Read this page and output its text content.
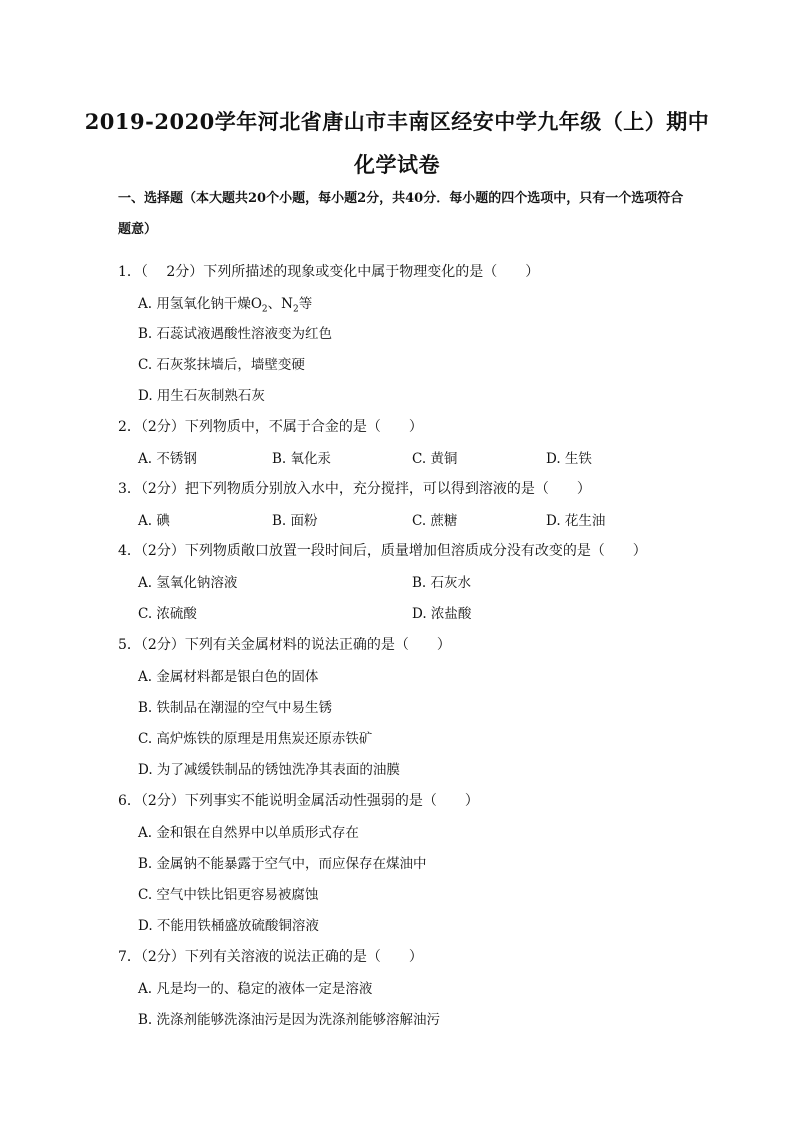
2019-2020学年河北省唐山市丰南区经安中学九年级（上）期中
化学试卷
一、选择题（本大题共20个小题，每小题2分，共40分．每小题的四个选项中，只有一个选项符合题意）
1．（　 2分）下列所描述的现象或变化中属于物理变化的是（　　）
A. 用氢氧化钠干燥$O_2$、$N_2$等
B. 石蕊试液遇酸性溶液变为红色
C. 石灰浆抹墙后，墙壁变硬
D. 用生石灰制熟石灰
2．（2分）下列物质中，不属于合金的是（　　）
A. 不锈钢	B. 氧化汞	C. 黄铜	D. 生铁
3．（2分）把下列物质分别放入水中，充分搅拌，可以得到溶液的是（　　）
A. 碘	B. 面粉	C. 蔗糖	D. 花生油
4．（2分）下列物质敞口放置一段时间后，质量增加但溶质成分没有改变的是（　　）
A. 氢氧化钠溶液	B. 石灰水
C. 浓硫酸	D. 浓盐酸
5．（2分）下列有关金属材料的说法正确的是（　　）
A. 金属材料都是银白色的固体
B. 铁制品在潮湿的空气中易生锈
C. 高炉炼铁的原理是用焦炭还原赤铁矿
D. 为了减缓铁制品的锈蚀洗净其表面的油膜
6．（2分）下列事实不能说明金属活动性强弱的是（　　）
A. 金和银在自然界中以单质形式存在
B. 金属钠不能暴露于空气中，而应保存在煤油中
C. 空气中铁比铝更容易被腐蚀
D. 不能用铁桶盛放硫酸铜溶液
7．（2分）下列有关溶液的说法正确的是（　　）
A. 凡是均一的、稳定的液体一定是溶液
B. 洗涤剂能够洗涤油污是因为洗涤剂能够溶解油污
